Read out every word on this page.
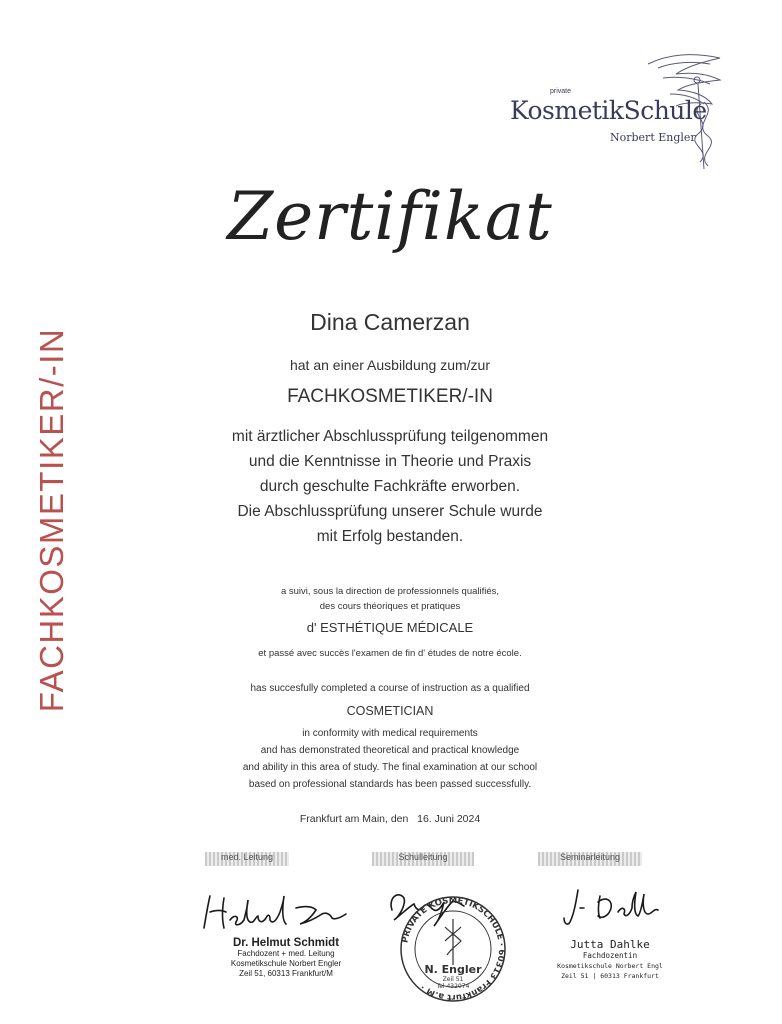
FACHKOSMETIKER/-IN
private
KosmetikSchule
Norbert Engler
Zertifikat
Dina Camerzan
hat an einer Ausbildung zum/zur
FACHKOSMETIKER/-IN
mit ärztlicher Abschlussprüfung teilgenommen
und die Kenntnisse in Theorie und Praxis
durch geschulte Fachkräfte erworben.
Die Abschlussprüfung unserer Schule wurde
mit Erfolg bestanden.
a suivi, sous la direction de professionnels qualifiés,
des cours théoriques et pratiques
d' ESTHÉTIQUE MÉDICALE
et passé avec succès l'examen de fin d' études de notre école.
has succesfully completed a course of instruction as a qualified
COSMETICIAN
in conformity with medical requirements
and has demonstrated theoretical and practical knowledge
and ability in this area of study. The final examination at our school
based on professional standards has been passed successfully.
Frankfurt am Main, den 16. Juni 2024
med. Leitung	Schulleitung	Seminarleitung
Dr. Helmut Schmidt
Fachdozent + med. Leitung
Kosmetikschule Norbert Engler
Zeil 51, 60313 Frankfurt/M
PRIVATE KOSMETIKSCHULE · 60313 Frankfurt a.M ·
N. Engler
Zeil 51
Tel 432074
Jutta Dahlke
Fachdozentin
Kosmetikschule Norbert Engl
Zeil 51 | 60313 Frankfurt
